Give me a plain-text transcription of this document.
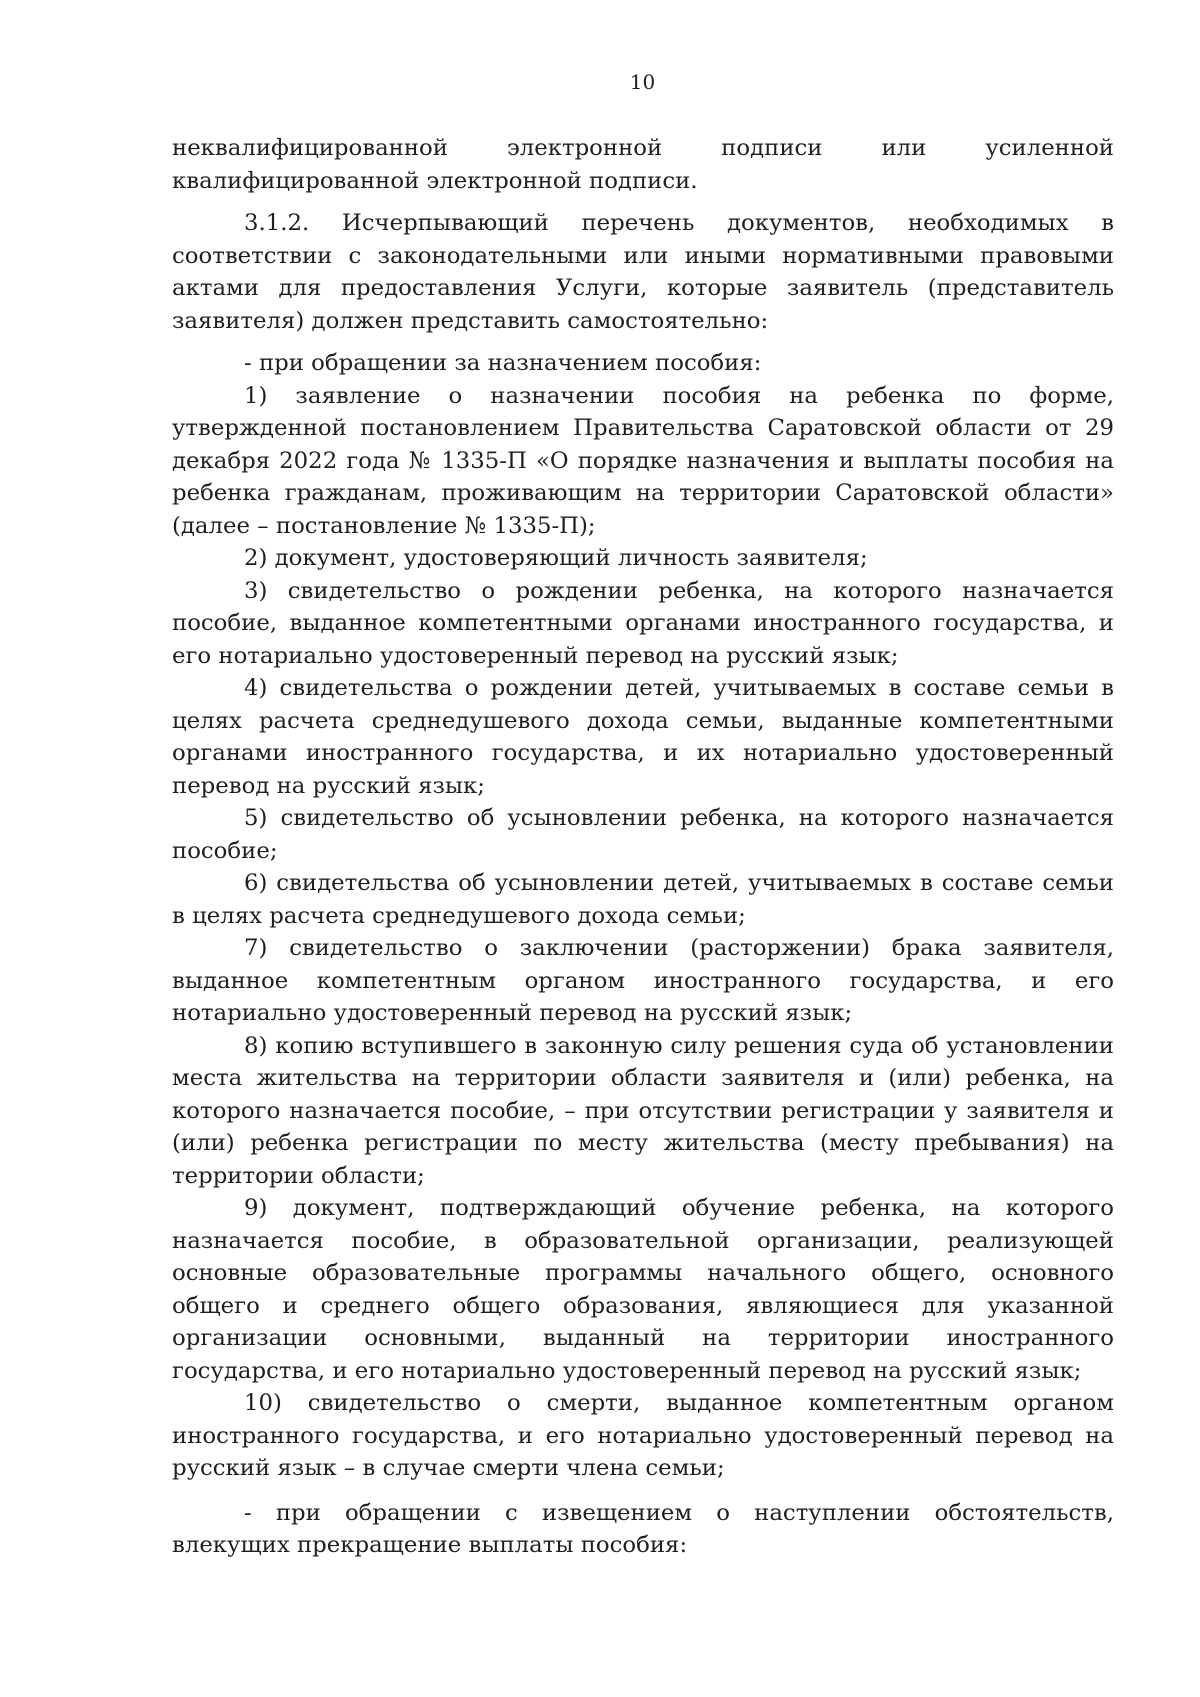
10

неквалифицированной электронной подписи или усиленной квалифицированной электронной подписи.

3.1.2. Исчерпывающий перечень документов, необходимых в соответствии с законодательными или иными нормативными правовыми актами для предоставления Услуги, которые заявитель (представитель заявителя) должен представить самостоятельно:

- при обращении за назначением пособия:

1) заявление о назначении пособия на ребенка по форме, утвержденной постановлением Правительства Саратовской области от 29 декабря 2022 года № 1335-П «О порядке назначения и выплаты пособия на ребенка гражданам, проживающим на территории Саратовской области» (далее – постановление № 1335-П);

2) документ, удостоверяющий личность заявителя;

3) свидетельство о рождении ребенка, на которого назначается пособие, выданное компетентными органами иностранного государства, и его нотариально удостоверенный перевод на русский язык;

4) свидетельства о рождении детей, учитываемых в составе семьи в целях расчета среднедушевого дохода семьи, выданные компетентными органами иностранного государства, и их нотариально удостоверенный перевод на русский язык;

5) свидетельство об усыновлении ребенка, на которого назначается пособие;

6) свидетельства об усыновлении детей, учитываемых в составе семьи в целях расчета среднедушевого дохода семьи;

7) свидетельство о заключении (расторжении) брака заявителя, выданное компетентным органом иностранного государства, и его нотариально удостоверенный перевод на русский язык;

8) копию вступившего в законную силу решения суда об установлении места жительства на территории области заявителя и (или) ребенка, на которого назначается пособие, – при отсутствии регистрации у заявителя и (или) ребенка регистрации по месту жительства (месту пребывания) на территории области;

9) документ, подтверждающий обучение ребенка, на которого назначается пособие, в образовательной организации, реализующей основные образовательные программы начального общего, основного общего и среднего общего образования, являющиеся для указанной организации основными, выданный на территории иностранного государства, и его нотариально удостоверенный перевод на русский язык;

10) свидетельство о смерти, выданное компетентным органом иностранного государства, и его нотариально удостоверенный перевод на русский язык – в случае смерти члена семьи;

- при обращении с извещением о наступлении обстоятельств, влекущих прекращение выплаты пособия:
